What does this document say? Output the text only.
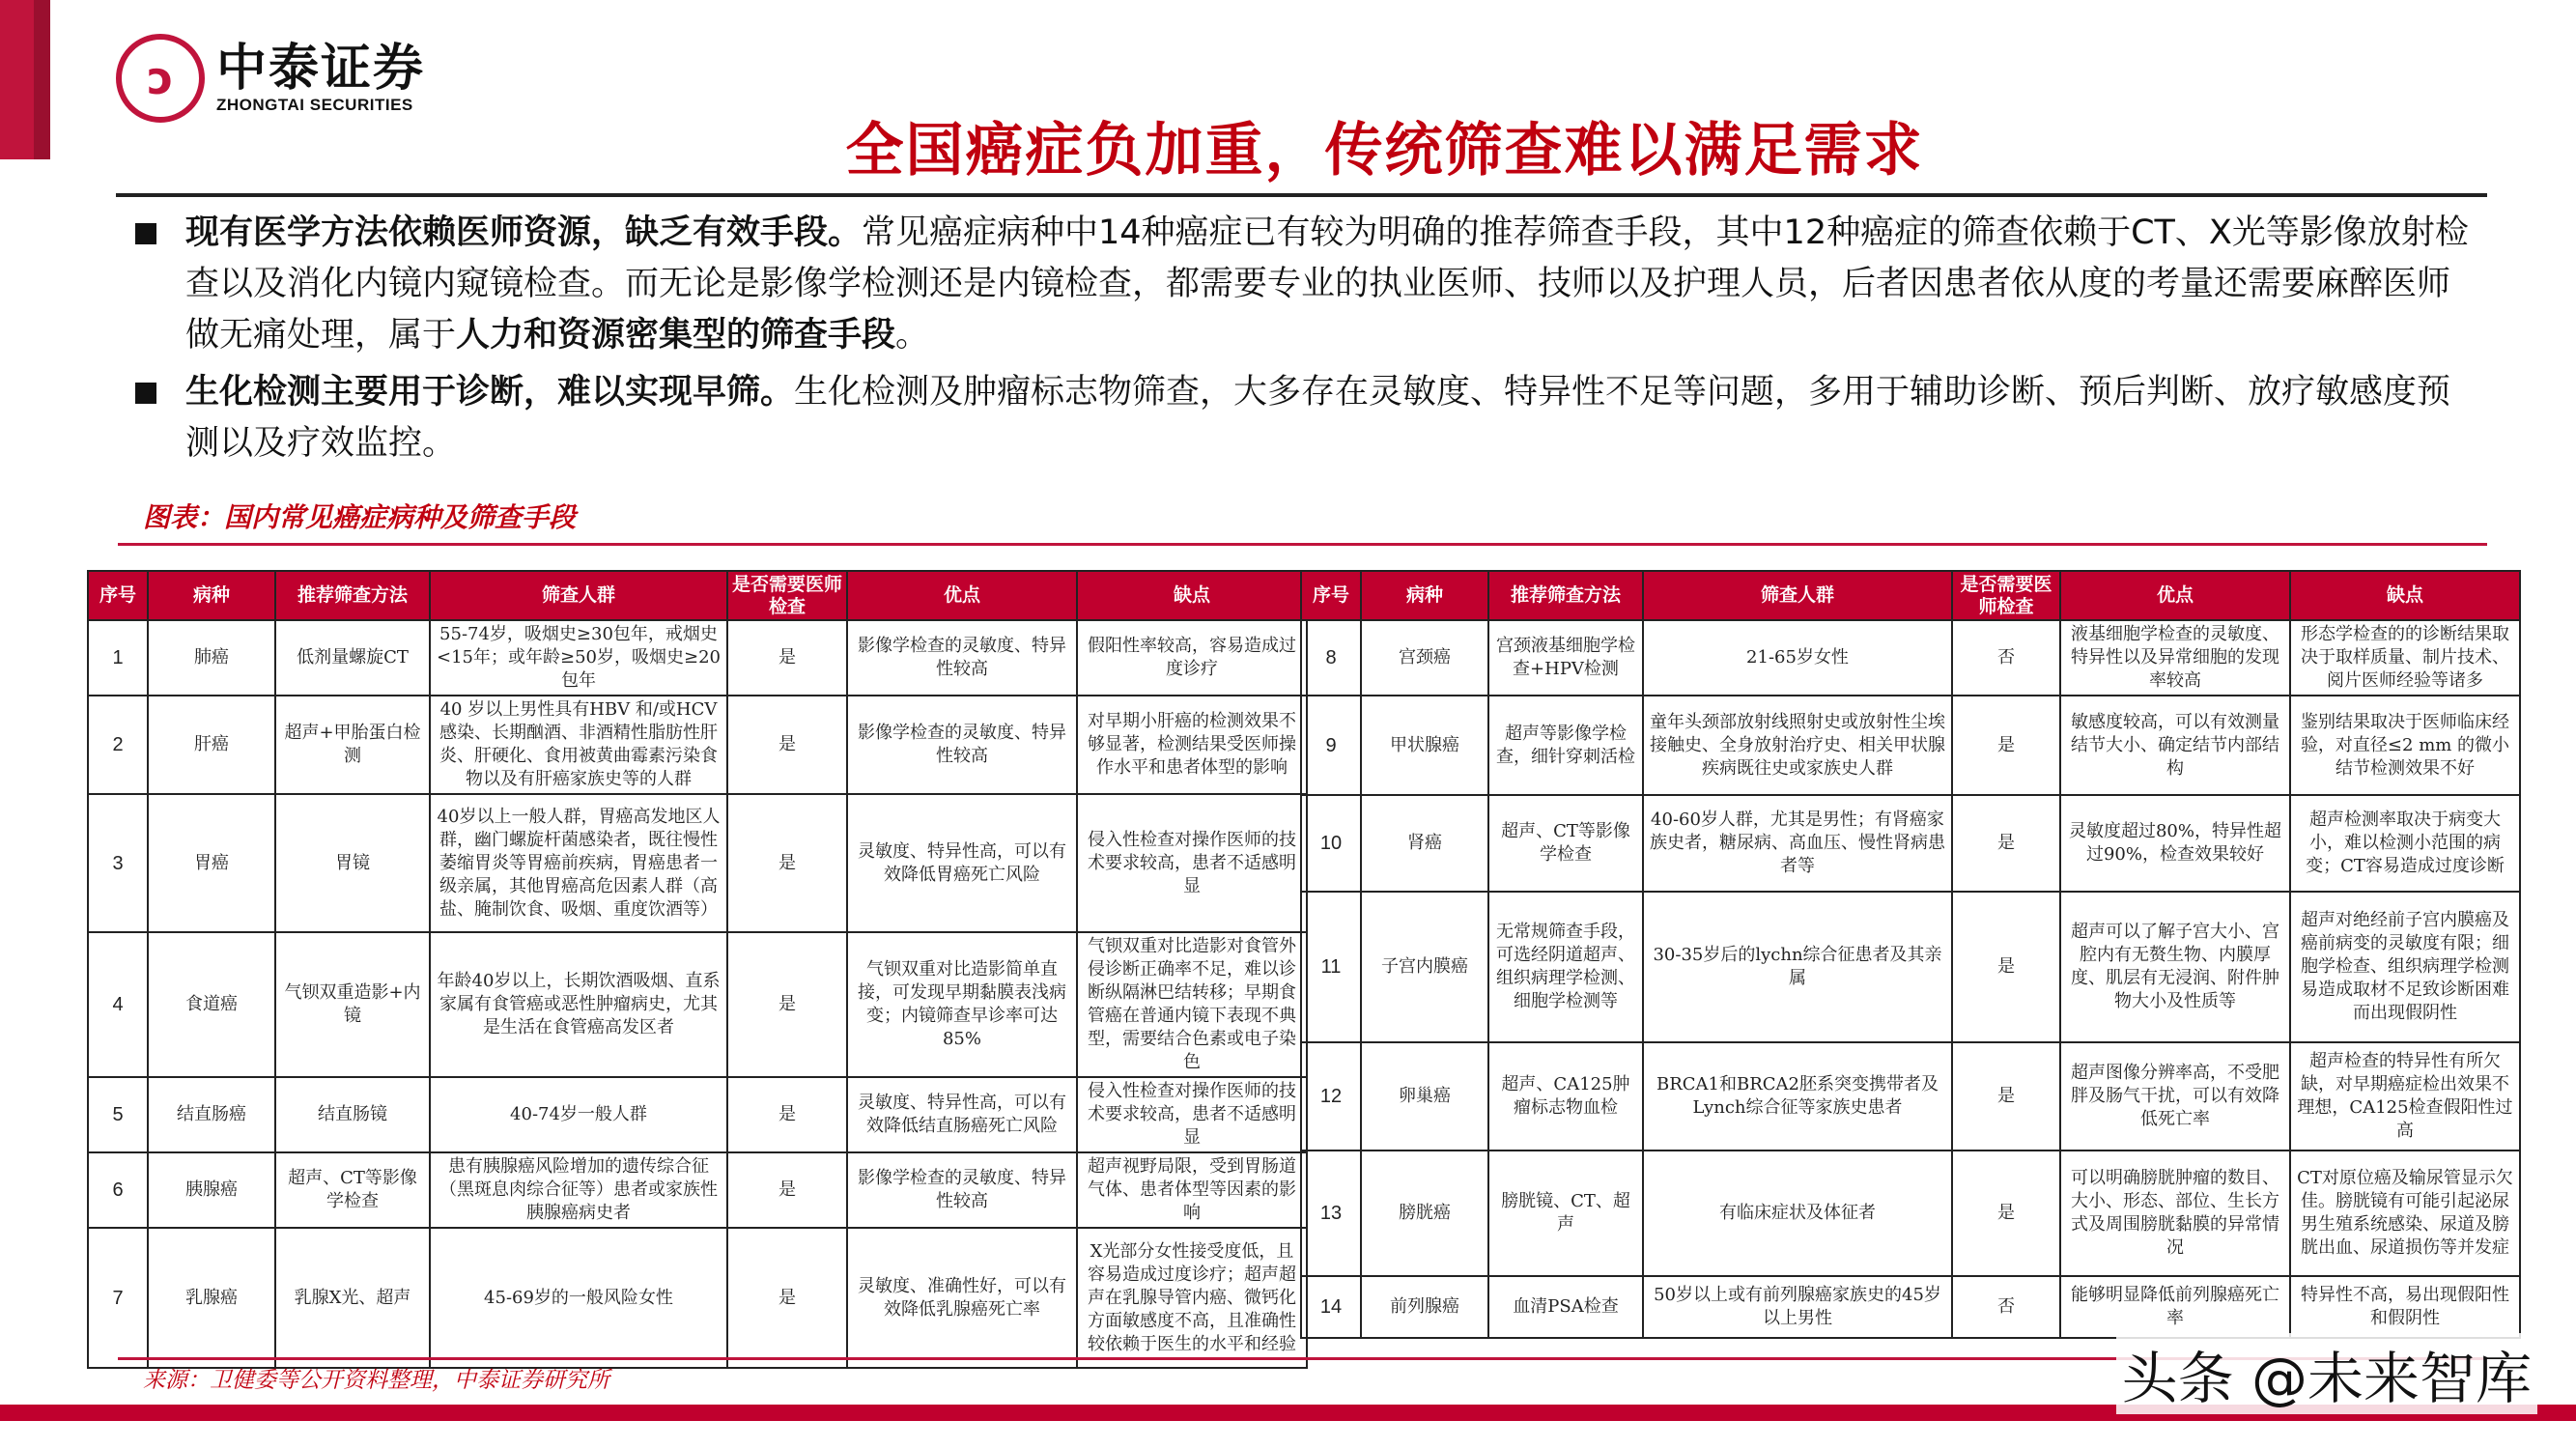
ↄ 中泰证券
ZHONGTAI SECURITIES
全国癌症负加重，传统筛查难以满足需求
现有医学方法依赖医师资源，缺乏有效手段。常见癌症病种中14种癌症已有较为明确的推荐筛查手段，其中12种癌症的筛查依赖于CT、X光等影像放射检查以及消化内镜内窥镜检查。而无论是影像学检测还是内镜检查，都需要专业的执业医师、技师以及护理人员，后者因患者依从度的考量还需要麻醉医师做无痛处理，属于人力和资源密集型的筛查手段。
生化检测主要用于诊断，难以实现早筛。生化检测及肿瘤标志物筛查，大多存在灵敏度、特异性不足等问题，多用于辅助诊断、预后判断、放疗敏感度预测以及疗效监控。
图表：国内常见癌症病种及筛查手段
序号	病种	推荐筛查方法	筛查人群	是否需要医师检查	优点	缺点
1	肺癌	低剂量螺旋CT	55-74岁，吸烟史≥30包年，戒烟史<15年；或年龄≥50岁，吸烟史≥20包年	是	影像学检查的灵敏度、特异性较高	假阳性率较高，容易造成过度诊疗
2	肝癌	超声+甲胎蛋白检测	40 岁以上男性具有HBV 和/或HCV 感染、长期酗酒、非酒精性脂肪性肝炎、肝硬化、食用被黄曲霉素污染食物以及有肝癌家族史等的人群	是	影像学检查的灵敏度、特异性较高	对早期小肝癌的检测效果不够显著，检测结果受医师操作水平和患者体型的影响
3	胃癌	胃镜	40岁以上一般人群，胃癌高发地区人群，幽门螺旋杆菌感染者，既往慢性萎缩胃炎等胃癌前疾病，胃癌患者一级亲属，其他胃癌高危因素人群（高盐、腌制饮食、吸烟、重度饮酒等）	是	灵敏度、特异性高，可以有效降低胃癌死亡风险	侵入性检查对操作医师的技术要求较高，患者不适感明显
4	食道癌	气钡双重造影+内镜	年龄40岁以上，长期饮酒吸烟、直系家属有食管癌或恶性肿瘤病史，尤其是生活在食管癌高发区者	是	气钡双重对比造影简单直接，可发现早期黏膜表浅病变；内镜筛查早诊率可达85%	气钡双重对比造影对食管外侵诊断正确率不足，难以诊断纵隔淋巴结转移；早期食管癌在普通内镜下表现不典型，需要结合色素或电子染色
5	结直肠癌	结直肠镜	40-74岁一般人群	是	灵敏度、特异性高，可以有效降低结直肠癌死亡风险	侵入性检查对操作医师的技术要求较高，患者不适感明显
6	胰腺癌	超声、CT等影像学检查	患有胰腺癌风险增加的遗传综合征（黑斑息肉综合征等）患者或家族性胰腺癌病史者	是	影像学检查的灵敏度、特异性较高	超声视野局限，受到胃肠道气体、患者体型等因素的影响
7	乳腺癌	乳腺X光、超声	45-69岁的一般风险女性	是	灵敏度、准确性好，可以有效降低乳腺癌死亡率	X光部分女性接受度低，且容易造成过度诊疗；超声超声在乳腺导管内癌、微钙化方面敏感度不高，且准确性较依赖于医生的水平和经验
序号	病种	推荐筛查方法	筛查人群	是否需要医师检查	优点	缺点
8	宫颈癌	宫颈液基细胞学检查+HPV检测	21-65岁女性	否	液基细胞学检查的灵敏度、特异性以及异常细胞的发现率较高	形态学检查的的诊断结果取决于取样质量、制片技术、阅片医师经验等诸多
9	甲状腺癌	超声等影像学检查，细针穿刺活检	童年头颈部放射线照射史或放射性尘埃接触史、全身放射治疗史、相关甲状腺疾病既往史或家族史人群	是	敏感度较高，可以有效测量结节大小、确定结节内部结构	鉴别结果取决于医师临床经验，对直径≤2 mm 的微小结节检测效果不好
10	肾癌	超声、CT等影像学检查	40-60岁人群，尤其是男性；有肾癌家族史者，糖尿病、高血压、慢性肾病患者等	是	灵敏度超过80%，特异性超过90%，检查效果较好	超声检测率取决于病变大小，难以检测小范围的病变；CT容易造成过度诊断
11	子宫内膜癌	无常规筛查手段，可选经阴道超声、组织病理学检测、细胞学检测等	30-35岁后的lychn综合征患者及其亲属	是	超声可以了解子宫大小、宫腔内有无赘生物、内膜厚度、肌层有无浸润、附件肿物大小及性质等	超声对绝经前子宫内膜癌及癌前病变的灵敏度有限；细胞学检查、组织病理学检测易造成取材不足致诊断困难而出现假阴性
12	卵巢癌	超声、CA125肿瘤标志物血检	BRCA1和BRCA2胚系突变携带者及Lynch综合征等家族史患者	是	超声图像分辨率高，不受肥胖及肠气干扰，可以有效降低死亡率	超声检查的特异性有所欠缺，对早期癌症检出效果不理想，CA125检查假阳性过高
13	膀胱癌	膀胱镜、CT、超声	有临床症状及体征者	是	可以明确膀胱肿瘤的数目、大小、形态、部位、生长方式及周围膀胱黏膜的异常情况	CT对原位癌及输尿管显示欠佳。膀胱镜有可能引起泌尿男生殖系统感染、尿道及膀胱出血、尿道损伤等并发症
14	前列腺癌	血清PSA检查	50岁以上或有前列腺癌家族史的45岁以上男性	否	能够明显降低前列腺癌死亡率	特异性不高，易出现假阳性和假阴性
来源：卫健委等公开资料整理，中泰证券研究所	头条 @未来智库
